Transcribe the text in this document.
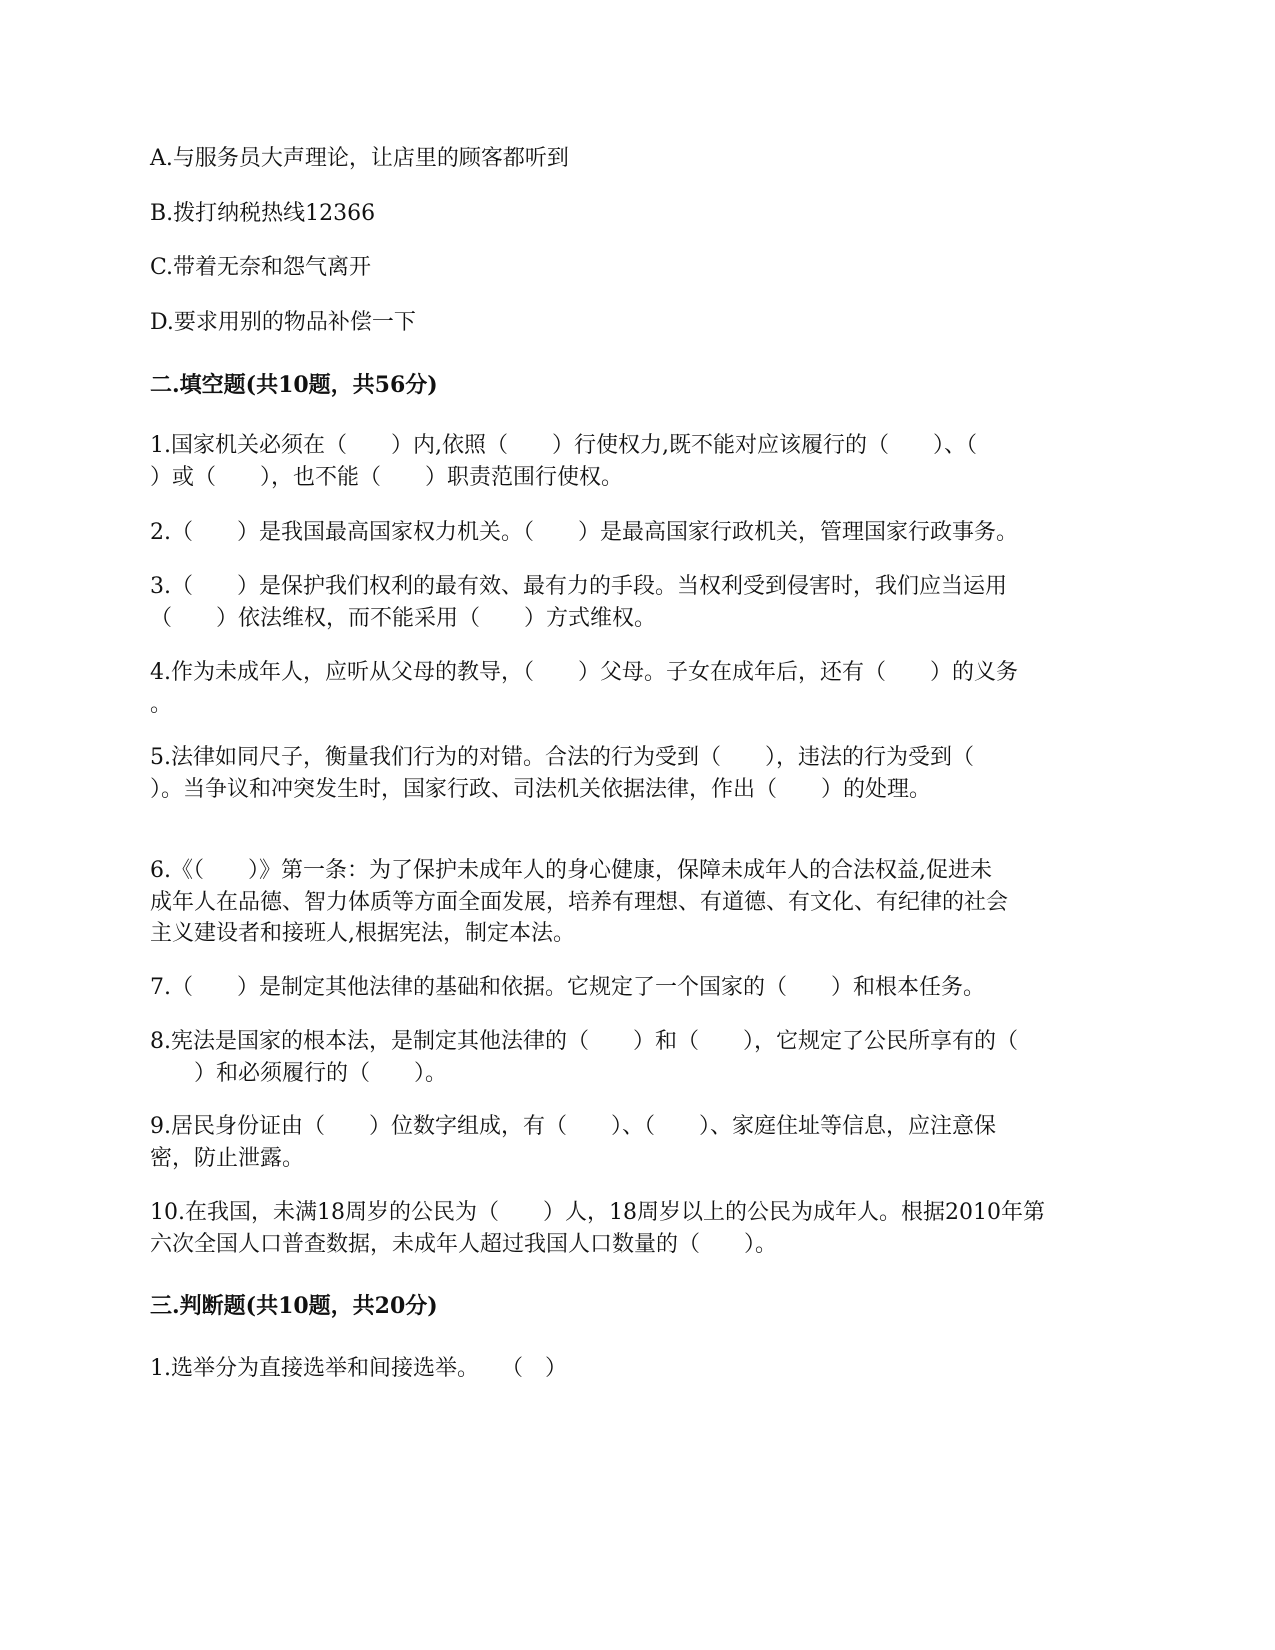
A.与服务员大声理论，让店里的顾客都听到
B.拨打纳税热线12366
C.带着无奈和怨气离开
D.要求用别的物品补偿一下
二.填空题(共10题，共56分)
1.国家机关必须在（　　）内,依照（　　）行使权力,既不能对应该履行的（　　）、（
）或（　　），也不能（　　）职责范围行使权。
2.（　　）是我国最高国家权力机关。（　　）是最高国家行政机关，管理国家行政事务。
3.（　　）是保护我们权利的最有效、最有力的手段。当权利受到侵害时，我们应当运用
（　　）依法维权，而不能采用（　　）方式维权。
4.作为未成年人，应听从父母的教导，（　　）父母。子女在成年后，还有（　　）的义务
。
5.法律如同尺子，衡量我们行为的对错。合法的行为受到（　　），违法的行为受到（
）。当争议和冲突发生时，国家行政、司法机关依据法律，作出（　　）的处理。
6.《（　　）》第一条：为了保护未成年人的身心健康，保障未成年人的合法权益,促进未
成年人在品德、智力体质等方面全面发展，培养有理想、有道德、有文化、有纪律的社会
主义建设者和接班人,根据宪法，制定本法。
7.（　　）是制定其他法律的基础和依据。它规定了一个国家的（　　）和根本任务。
8.宪法是国家的根本法，是制定其他法律的（　　）和（　　），它规定了公民所享有的（
　　）和必须履行的（　　）。
9.居民身份证由（　　）位数字组成，有（　　）、（　　）、家庭住址等信息，应注意保
密，防止泄露。
10.在我国，未满18周岁的公民为（　　）人，18周岁以上的公民为成年人。根据2010年第
六次全国人口普查数据，未成年人超过我国人口数量的（　　）。
三.判断题(共10题，共20分)
1.选举分为直接选举和间接选举。　　（　）
